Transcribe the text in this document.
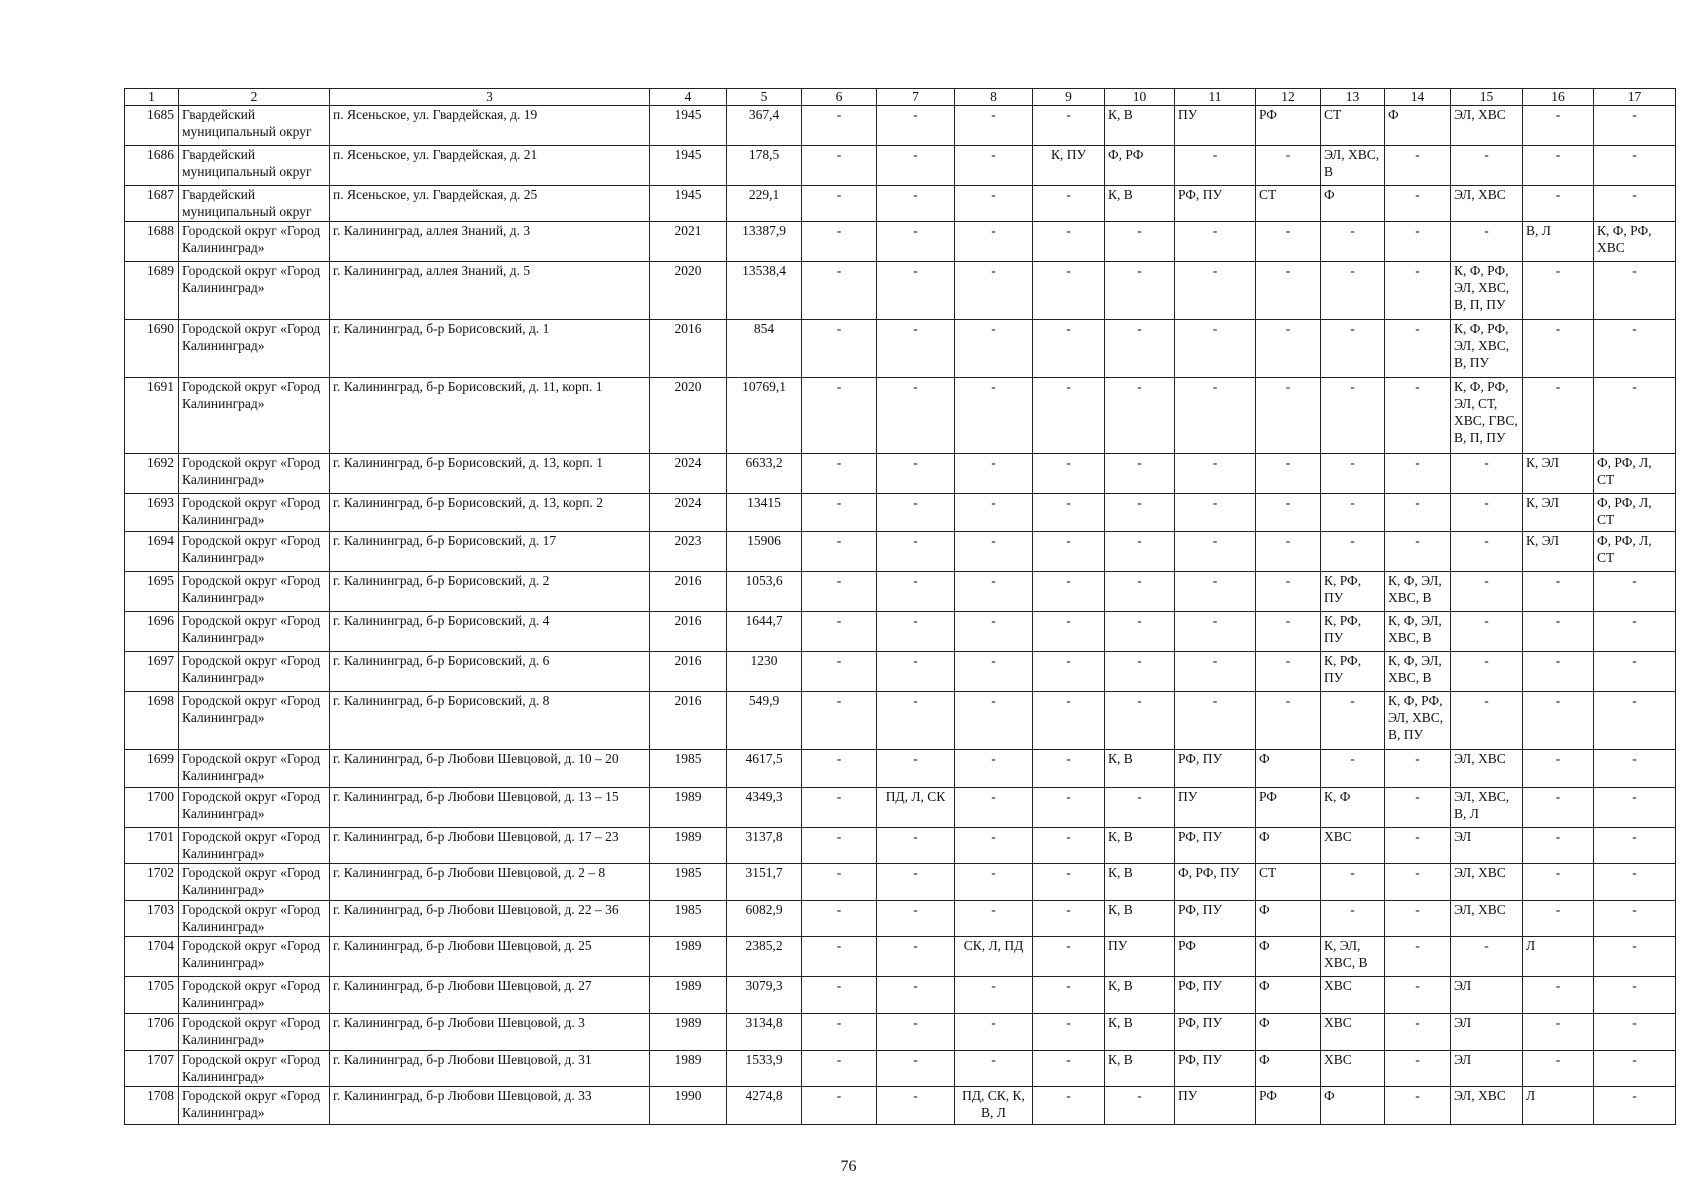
1	2	3	4	5	6	7	8	9	10	11	12	13	14	15	16	17
1685	Гвардейский муниципальный округ	п. Ясеньское, ул. Гвардейская, д. 19	1945	367,4	-	-	-	-	К, В	ПУ	РФ	СТ	Ф	ЭЛ, ХВС	-	-
1686	Гвардейский муниципальный округ	п. Ясеньское, ул. Гвардейская, д. 21	1945	178,5	-	-	-	К, ПУ	Ф, РФ	-	-	ЭЛ, ХВС, В	-	-	-	-
1687	Гвардейский муниципальный округ	п. Ясеньское, ул. Гвардейская, д. 25	1945	229,1	-	-	-	-	К, В	РФ, ПУ	СТ	Ф	-	ЭЛ, ХВС	-	-
1688	Городской округ «Город Калининград»	г. Калининград, аллея Знаний, д. 3	2021	13387,9	-	-	-	-	-	-	-	-	-	-	В, Л	К, Ф, РФ, ХВС
1689	Городской округ «Город Калининград»	г. Калининград, аллея Знаний, д. 5	2020	13538,4	-	-	-	-	-	-	-	-	-	К, Ф, РФ, ЭЛ, ХВС, В, П, ПУ	-	-
1690	Городской округ «Город Калининград»	г. Калининград, б-р Борисовский, д. 1	2016	854	-	-	-	-	-	-	-	-	-	К, Ф, РФ, ЭЛ, ХВС, В, ПУ	-	-
1691	Городской округ «Город Калининград»	г. Калининград, б-р Борисовский, д. 11, корп. 1	2020	10769,1	-	-	-	-	-	-	-	-	-	К, Ф, РФ, ЭЛ, СТ, ХВС, ГВС, В, П, ПУ	-	-
1692	Городской округ «Город Калининград»	г. Калининград, б-р Борисовский, д. 13, корп. 1	2024	6633,2	-	-	-	-	-	-	-	-	-	-	К, ЭЛ	Ф, РФ, Л, СТ
1693	Городской округ «Город Калининград»	г. Калининград, б-р Борисовский, д. 13, корп. 2	2024	13415	-	-	-	-	-	-	-	-	-	-	К, ЭЛ	Ф, РФ, Л, СТ
1694	Городской округ «Город Калининград»	г. Калининград, б-р Борисовский, д. 17	2023	15906	-	-	-	-	-	-	-	-	-	-	К, ЭЛ	Ф, РФ, Л, СТ
1695	Городской округ «Город Калининград»	г. Калининград, б-р Борисовский, д. 2	2016	1053,6	-	-	-	-	-	-	-	К, РФ, ПУ	К, Ф, ЭЛ, ХВС, В	-	-	-
1696	Городской округ «Город Калининград»	г. Калининград, б-р Борисовский, д. 4	2016	1644,7	-	-	-	-	-	-	-	К, РФ, ПУ	К, Ф, ЭЛ, ХВС, В	-	-	-
1697	Городской округ «Город Калининград»	г. Калининград, б-р Борисовский, д. 6	2016	1230	-	-	-	-	-	-	-	К, РФ, ПУ	К, Ф, ЭЛ, ХВС, В	-	-	-
1698	Городской округ «Город Калининград»	г. Калининград, б-р Борисовский, д. 8	2016	549,9	-	-	-	-	-	-	-	-	К, Ф, РФ, ЭЛ, ХВС, В, ПУ	-	-	-
1699	Городской округ «Город Калининград»	г. Калининград, б-р Любови Шевцовой, д. 10 – 20	1985	4617,5	-	-	-	-	К, В	РФ, ПУ	Ф	-	-	ЭЛ, ХВС	-	-
1700	Городской округ «Город Калининград»	г. Калининград, б-р Любови Шевцовой, д. 13 – 15	1989	4349,3	-	ПД, Л, СК	-	-	-	ПУ	РФ	К, Ф	-	ЭЛ, ХВС, В, Л	-	-
1701	Городской округ «Город Калининград»	г. Калининград, б-р Любови Шевцовой, д. 17 – 23	1989	3137,8	-	-	-	-	К, В	РФ, ПУ	Ф	ХВС	-	ЭЛ	-	-
1702	Городской округ «Город Калининград»	г. Калининград, б-р Любови Шевцовой, д. 2 – 8	1985	3151,7	-	-	-	-	К, В	Ф, РФ, ПУ	СТ	-	-	ЭЛ, ХВС	-	-
1703	Городской округ «Город Калининград»	г. Калининград, б-р Любови Шевцовой, д. 22 – 36	1985	6082,9	-	-	-	-	К, В	РФ, ПУ	Ф	-	-	ЭЛ, ХВС	-	-
1704	Городской округ «Город Калининград»	г. Калининград, б-р Любови Шевцовой, д. 25	1989	2385,2	-	-	СК, Л, ПД	-	ПУ	РФ	Ф	К, ЭЛ, ХВС, В	-	-	Л	-
1705	Городской округ «Город Калининград»	г. Калининград, б-р Любови Шевцовой, д. 27	1989	3079,3	-	-	-	-	К, В	РФ, ПУ	Ф	ХВС	-	ЭЛ	-	-
1706	Городской округ «Город Калининград»	г. Калининград, б-р Любови Шевцовой, д. 3	1989	3134,8	-	-	-	-	К, В	РФ, ПУ	Ф	ХВС	-	ЭЛ	-	-
1707	Городской округ «Город Калининград»	г. Калининград, б-р Любови Шевцовой, д. 31	1989	1533,9	-	-	-	-	К, В	РФ, ПУ	Ф	ХВС	-	ЭЛ	-	-
1708	Городской округ «Город Калининград»	г. Калининград, б-р Любови Шевцовой, д. 33	1990	4274,8	-	-	ПД, СК, К, В, Л	-	-	ПУ	РФ	Ф	-	ЭЛ, ХВС	Л	-
76
